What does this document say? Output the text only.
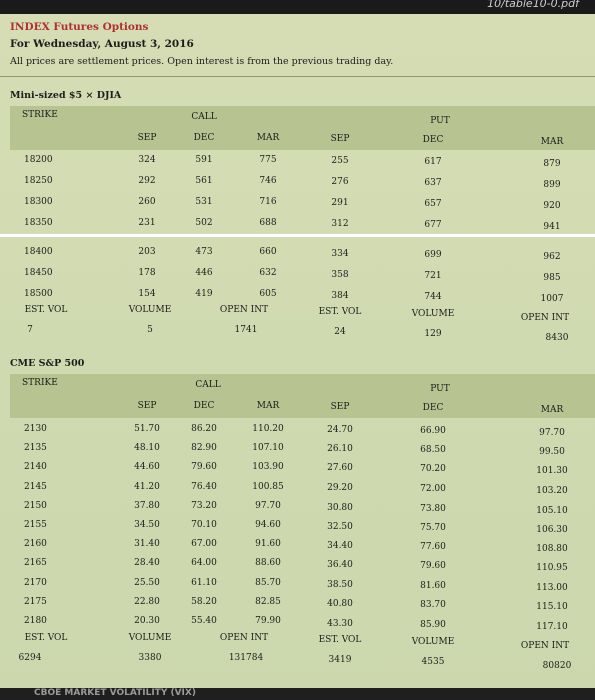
10/table10-0.pdf
INDEX Futures Options
For Wednesday, August 3, 2016
All prices are settlement prices. Open interest is from the previous trading day.
Mini-sized $5 × DJIA
STRIKE	CALL	PUT
SEP	DEC	MAR	SEP	DEC	MAR
18200	324	591	775	255	617	879
18250	292	561	746	276	637	899
18300	260	531	716	291	657	920
18350	231	502	688	312	677	941
18400	203	473	660	334	699	962
18450	178	446	632	358	721	985
18500	154	419	605	384	744	1007
EST. VOL	VOLUME	OPEN INT	EST. VOL	VOLUME	OPEN INT
7	5	1741	24	129	8430
CME S&P 500
STRIKE	CALL	PUT
SEP	DEC	MAR	SEP	DEC	MAR
2130	51.70	86.20	110.20	24.70	66.90	97.70
2135	48.10	82.90	107.10	26.10	68.50	99.50
2140	44.60	79.60	103.90	27.60	70.20	101.30
2145	41.20	76.40	100.85	29.20	72.00	103.20
2150	37.80	73.20	97.70	30.80	73.80	105.10
2155	34.50	70.10	94.60	32.50	75.70	106.30
2160	31.40	67.00	91.60	34.40	77.60	108.80
2165	28.40	64.00	88.60	36.40	79.60	110.95
2170	25.50	61.10	85.70	38.50	81.60	113.00
2175	22.80	58.20	82.85	40.80	83.70	115.10
2180	20.30	55.40	79.90	43.30	85.90	117.10
EST. VOL	VOLUME	OPEN INT	EST. VOL	VOLUME	OPEN INT
6294	3380	131784	3419	4535	80820
CBOE MARKET VOLATILITY (VIX)
